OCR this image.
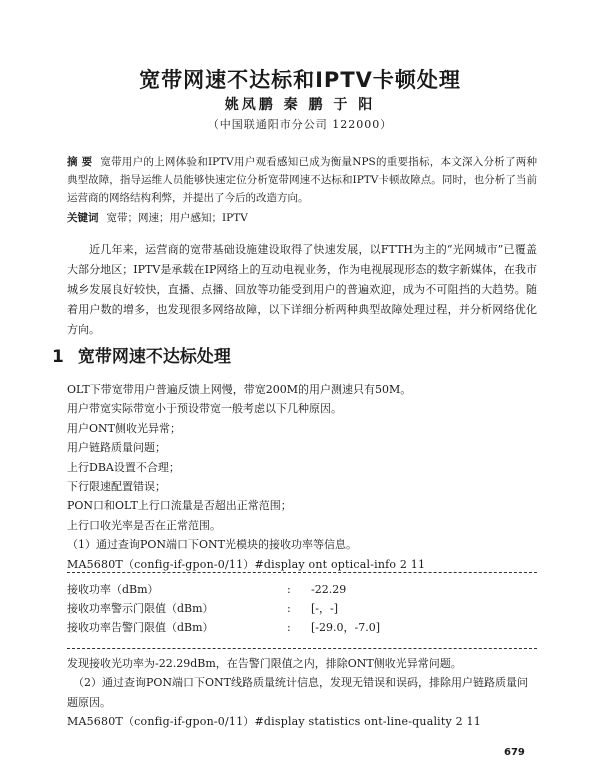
宽带网速不达标和IPTV卡顿处理
姚凤鹏 秦 鹏 于 阳
（中国联通阳市分公司 122000）
摘 要 宽带用户的上网体验和IPTV用户观看感知已成为衡量NPS的重要指标，本文深入分析了两种典型故障，指导运维人员能够快速定位分析宽带网速不达标和IPTV卡顿故障点。同时，也分析了当前运营商的网络结构利弊，并提出了今后的改造方向。
关键词 宽带；网速；用户感知；IPTV
近几年来，运营商的宽带基础设施建设取得了快速发展，以FTTH为主的“光网城市”已覆盖大部分地区；IPTV是承载在IP网络上的互动电视业务，作为电视展现形态的数字新媒体，在我市城乡发展良好较快，直播、点播、回放等功能受到用户的普遍欢迎，成为不可阻挡的大趋势。随着用户数的增多，也发现很多网络故障，以下详细分析两种典型故障处理过程，并分析网络优化方向。
1 宽带网速不达标处理
OLT下带宽带用户普遍反馈上网慢，带宽200M的用户测速只有50M。
用户带宽实际带宽小于预设带宽一般考虑以下几种原因。
用户ONT侧收光异常；
用户链路质量问题；
上行DBA设置不合理；
下行限速配置错误；
PON口和OLT上行口流量是否超出正常范围；
上行口收光率是否在正常范围。
（1）通过查询PON端口下ONT光模块的接收功率等信息。
MA5680T（config-if-gpon-0/11）#display ont optical-info 2 11
接收功率（dBm）	:	-22.29
接收功率警示门限值（dBm）	:	[-，-]
接收功率告警门限值（dBm）	:	[-29.0，-7.0]
发现接收光功率为-22.29dBm，在告警门限值之内，排除ONT侧收光异常问题。
（2）通过查询PON端口下ONT线路质量统计信息，发现无错误和误码，排除用户链路质量问题原因。
MA5680T（config-if-gpon-0/11）#display statistics ont-line-quality 2 11
679
